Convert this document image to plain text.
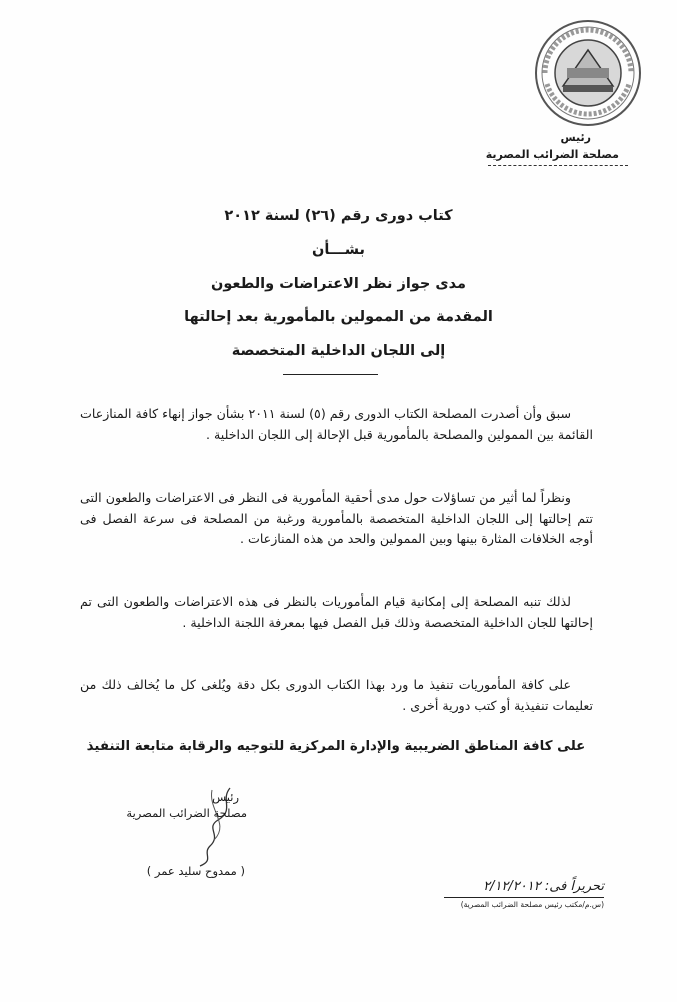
رئيس
مصلحة الضرائب المصرية
كتاب دورى رقم (٢٦) لسنة ٢٠١٢
بشـــأن
مدى جواز نظر الاعتراضات والطعون
المقدمة من الممولين بالمأمورية بعد إحالتها
إلى اللجان الداخلية المتخصصة

سبق وأن أصدرت المصلحة الكتاب الدورى رقم (٥) لسنة ٢٠١١ بشأن جواز إنهاء كافة المنازعات القائمة بين الممولين والمصلحة بالمأمورية قبل الإحالة إلى اللجان الداخلية .

ونظراً لما أثير من تساؤلات حول مدى أحقية المأمورية فى النظر فى الاعتراضات والطعون التى تتم إحالتها إلى اللجان الداخلية المتخصصة بالمأمورية ورغبة من المصلحة فى سرعة الفصل فى أوجه الخلافات المثارة بينها وبين الممولين والحد من هذه المنازعات .

لذلك تنبه المصلحة إلى إمكانية قيام المأموريات بالنظر فى هذه الاعتراضات والطعون التى تم إحالتها للجان الداخلية المتخصصة وذلك قبل الفصل فيها بمعرفة اللجنة الداخلية .

على كافة المأموريات تنفيذ ما ورد بهذا الكتاب الدورى بكل دقة ويُلغى كل ما يُخالف ذلك من تعليمات تنفيذية أو كتب دورية أخرى .

على كافة المناطق الضريبية والإدارة المركزية للتوجيه والرقابة متابعة التنفيذ
رئيس
مصلحة الضرائب المصرية
( ممدوح سليد عمر )
تحريراً فى: ٢/١٢/٢٠١٢
(س.م/مكتب رئيس مصلحة الضرائب المصرية)
